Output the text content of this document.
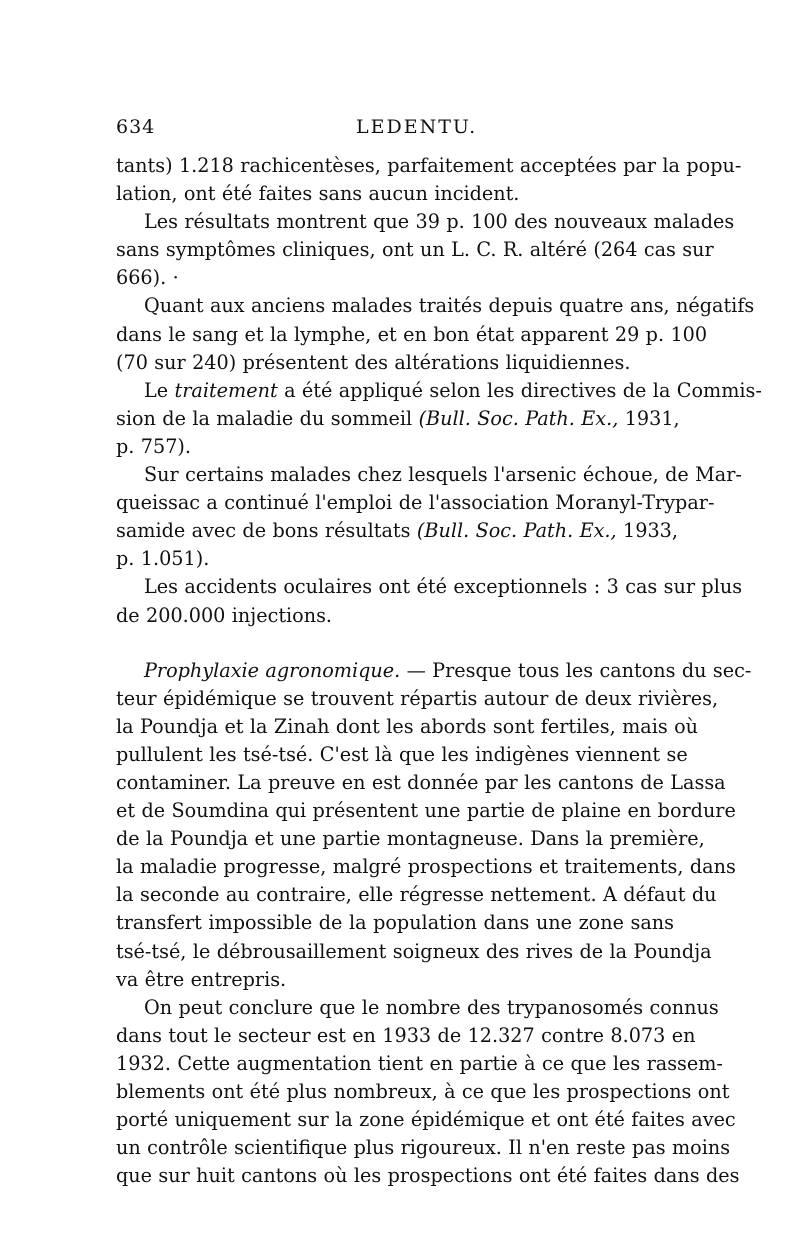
634	LEDENTU.
tants) 1.218 rachicentèses, parfaitement acceptées par la popu-
lation, ont été faites sans aucun incident.
Les résultats montrent que 39 p. 100 des nouveaux malades
sans symptômes cliniques, ont un L. C. R. altéré (264 cas sur
666). ·
Quant aux anciens malades traités depuis quatre ans, négatifs
dans le sang et la lymphe, et en bon état apparent 29 p. 100
(70 sur 240) présentent des altérations liquidiennes.
Le traitement a été appliqué selon les directives de la Commis-
sion de la maladie du sommeil (Bull. Soc. Path. Ex., 1931,
p. 757).
Sur certains malades chez lesquels l'arsenic échoue, de Mar-
queissac a continué l'emploi de l'association Moranyl-Trypar-
samide avec de bons résultats (Bull. Soc. Path. Ex., 1933,
p. 1.051).
Les accidents oculaires ont été exceptionnels : 3 cas sur plus
de 200.000 injections.
Prophylaxie agronomique. — Presque tous les cantons du sec-
teur épidémique se trouvent répartis autour de deux rivières,
la Poundja et la Zinah dont les abords sont fertiles, mais où
pullulent les tsé-tsé. C'est là que les indigènes viennent se
contaminer. La preuve en est donnée par les cantons de Lassa
et de Soumdina qui présentent une partie de plaine en bordure
de la Poundja et une partie montagneuse. Dans la première,
la maladie progresse, malgré prospections et traitements, dans
la seconde au contraire, elle régresse nettement. A défaut du
transfert impossible de la population dans une zone sans
tsé-tsé, le débrousaillement soigneux des rives de la Poundja
va être entrepris.
On peut conclure que le nombre des trypanosomés connus
dans tout le secteur est en 1933 de 12.327 contre 8.073 en
1932. Cette augmentation tient en partie à ce que les rassem-
blements ont été plus nombreux, à ce que les prospections ont
porté uniquement sur la zone épidémique et ont été faites avec
un contrôle scientifique plus rigoureux. Il n'en reste pas moins
que sur huit cantons où les prospections ont été faites dans des
